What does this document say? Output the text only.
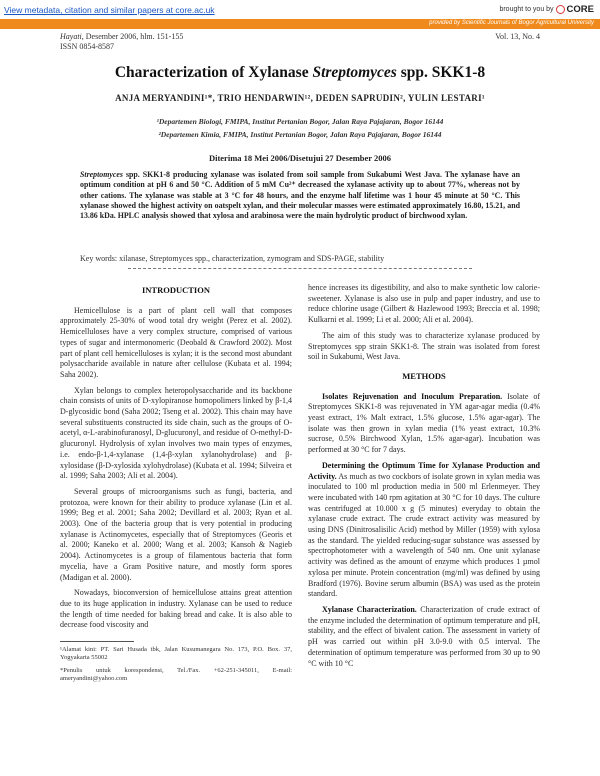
View metadata, citation and similar papers at core.ac.uk	brought to you by CORE
provided by Scientific Journals of Bogor Agricultural University
Hayati, Desember 2006, hlm. 151-155
ISSN 0854-8587
Vol. 13, No. 4
Characterization of Xylanase Streptomyces spp. SKK1-8
ANJA MERYANDINI¹*, TRIO HENDARWIN¹², DEDEN SAPRUDIN², YULIN LESTARI¹
¹Departemen Biologi, FMIPA, Institut Pertanian Bogor, Jalan Raya Pajajaran, Bogor 16144
²Departemen Kimia, FMIPA, Institut Pertanian Bogor, Jalan Raya Pajajaran, Bogor 16144
Diterima 18 Mei 2006/Disetujui 27 Desember 2006
Streptomyces spp. SKK1-8 producing xylanase was isolated from soil sample from Sukabumi West Java. The xylanase have an optimum condition at pH 6 and 50 °C. Addition of 5 mM Cu²⁺ decreased the xylanase activity up to about 77%, whereas not by other cations. The xylanase was stable at 3 °C for 48 hours, and the enzyme half lifetime was 1 hour 45 minute at 50 °C. This xylanase showed the highest activity on oatspelt xylan, and their molecular masses were estimated approximately 16.80, 15.21, and 13.86 kDa. HPLC analysis showed that xylosa and arabinosa were the main hydrolytic product of birchwood xylan.
Key words: xilanase, Streptomyces spp., characterization, zymogram and SDS-PAGE, stability
INTRODUCTION

Hemicellulose is a part of plant cell wall that composes approximately 25-30% of wood total dry weight (Perez et al. 2002). Hemicelluloses have a very complex structure, comprised of various types of sugar and intermonomeric (Deobald & Crawford 2002). Most part of plant cell hemicelluloses is xylan; it is the second most abundant polysaccharide available in nature after cellulose (Kubata et al. 1994; Saha 2002).

Xylan belongs to complex heteropolysaccharide and its backbone chain consists of units of D-xylopiranose homopolimers linked by β-1,4 D-glycosidic bond (Saha 2002; Tseng et al. 2002). This chain may have several substituents constructed its side chain, such as the groups of O-acetyl, α-L-arabinofuranosyl, D-glucuronyl, and residue of O-methyl-D-glucuronyl. Hydrolysis of xylan involves two main types of enzymes, i.e. endo-β-1,4-xylanase (1,4-β-xylan xylanohydrolase) and β-xylosidase (β-D-xylosida xylohydrolase) (Kubata et al. 1994; Silveira et al. 1999; Saha 2003; Ali et al. 2004).

Several groups of microorganisms such as fungi, bacteria, and protozoa, were known for their ability to produce xylanase (Lin et al. 1999; Beg et al. 2001; Saha 2002; Devillard et al. 2003; Ryan et al. 2003). One of the bacteria group that is very potential in producing xylanase is Actinomycetes, especially that of Streptomyces (Georis et al. 2000; Kaneko et al. 2000; Wang et al. 2003; Kansoh & Nagieb 2004). Actinomycetes is a group of filamentous bacteria that form mycelia, have a Gram Positive nature, and mostly form spores (Madigan et al. 2000).

Nowadays, bioconversion of hemicellulose attains great attention due to its huge application in industry. Xylanase can be used to reduce the length of time needed for baking bread and cake. It is also able to decrease food viscosity and

¹Alamat kini: PT. Sari Husada tbk, Jalan Kusumanegara No. 173, P.O. Box. 37, Yogyakarta 55002

*Penulis untuk korespondensi, Tel./Fax. +62-251-345011, E-mail: ameryandini@yahoo.com

hence increases its digestibility, and also to make synthetic low calorie-sweetener. Xylanase is also use in pulp and paper industry, and use to reduce chlorine usage (Gilbert & Hazlewood 1993; Breccia et al. 1998; Kulkarni et al. 1999; Li et al. 2000; Ali et al. 2004).

The aim of this study was to characterize xylanase produced by Streptomyces spp strain SKK1-8. The strain was isolated from forest soil in Sukabumi, West Java.

METHODS

Isolates Rejuvenation and Inoculum Preparation. Isolate of Streptomyces SKK1-8 was rejuvenated in YM agar-agar media (0.4% yeast extract, 1% Malt extract, 1.5% glucose, 1.5% agar-agar). The isolate was then grown in xylan media (1% yeast extract, 10.3% sucrose, 0.5% Birchwood Xylan, 1.5% agar-agar). Incubation was performed at 30 °C for 7 days.

Determining the Optimum Time for Xylanase Production and Activity. As much as two cockbors of isolate grown in xylan media was inoculated to 100 ml production media in 500 ml Erlenmeyer. They were incubated with 140 rpm agitation at 30 °C for 10 days. The culture was centrifuged at 10.000 x g (5 minutes) everyday to obtain the xylanase crude extract. The crude extract activity was measured by using DNS (Dinitrosalisilic Acid) method by Miller (1959) with xylosa as the standard. The yielded reducing-sugar substance was assessed by spectrophotometer with a wavelength of 540 nm. One unit xylanase activity was defined as the amount of enzyme which produces 1 µmol xylosa per minute. Protein concentration (mg/ml) was defined by using Bradford (1976). Bovine serum albumin (BSA) was used as the protein standard.

Xylanase Characterization. Characterization of crude extract of the enzyme included the determination of optimum temperature and pH, stability, and the effect of bivalent cation. The assessment in variety of pH was carried out within pH 3.0-9.0 with 0.5 interval. The determination of optimum temperature was performed from 30 up to 90 °C with 10 °C
